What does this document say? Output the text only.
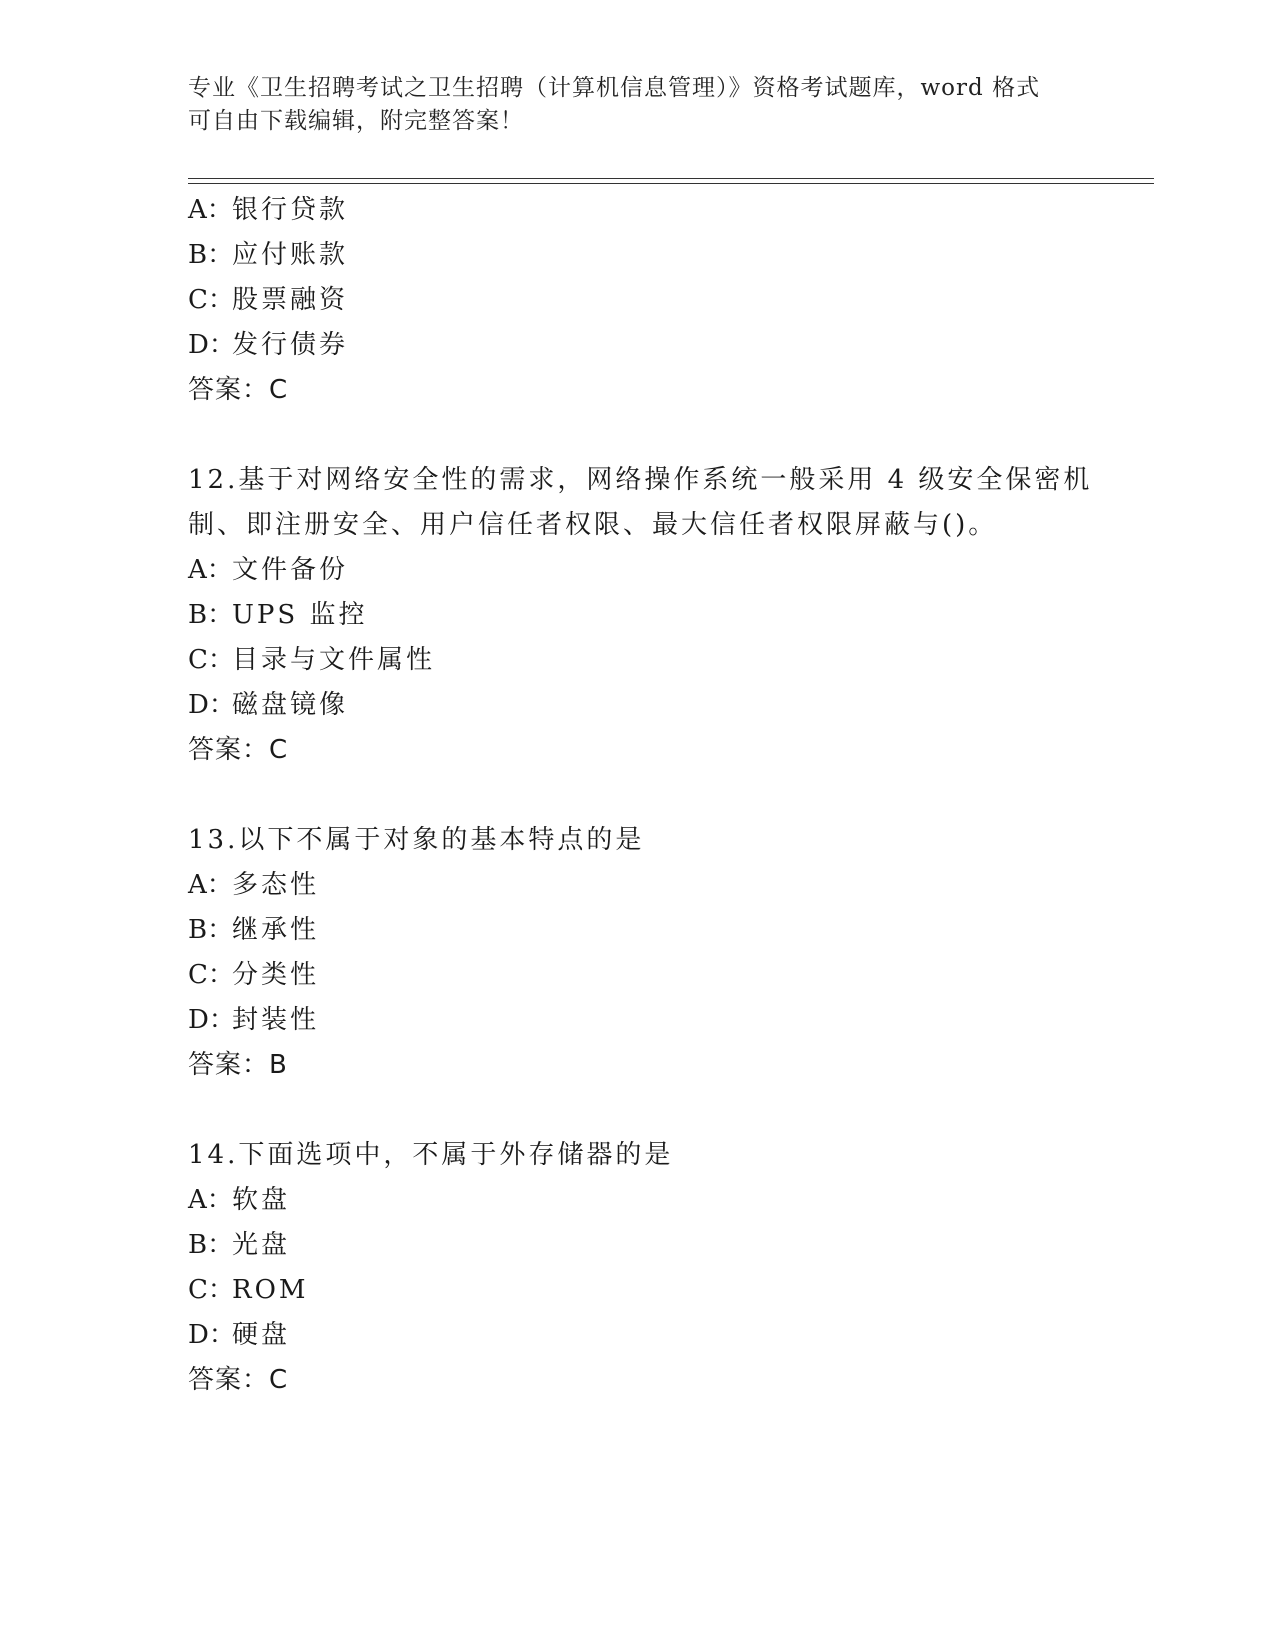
专业《卫生招聘考试之卫生招聘（计算机信息管理）》资格考试题库，word 格式
可自由下载编辑，附完整答案！
A：银行贷款
B：应付账款
C：股票融资
D：发行债券
答案：C
12.基于对网络安全性的需求，网络操作系统一般采用 4 级安全保密机
制、即注册安全、用户信任者权限、最大信任者权限屏蔽与()。
A：文件备份
B：UPS 监控
C：目录与文件属性
D：磁盘镜像
答案：C
13.以下不属于对象的基本特点的是
A：多态性
B：继承性
C：分类性
D：封装性
答案：B
14.下面选项中，不属于外存储器的是
A：软盘
B：光盘
C：ROM
D：硬盘
答案：C
